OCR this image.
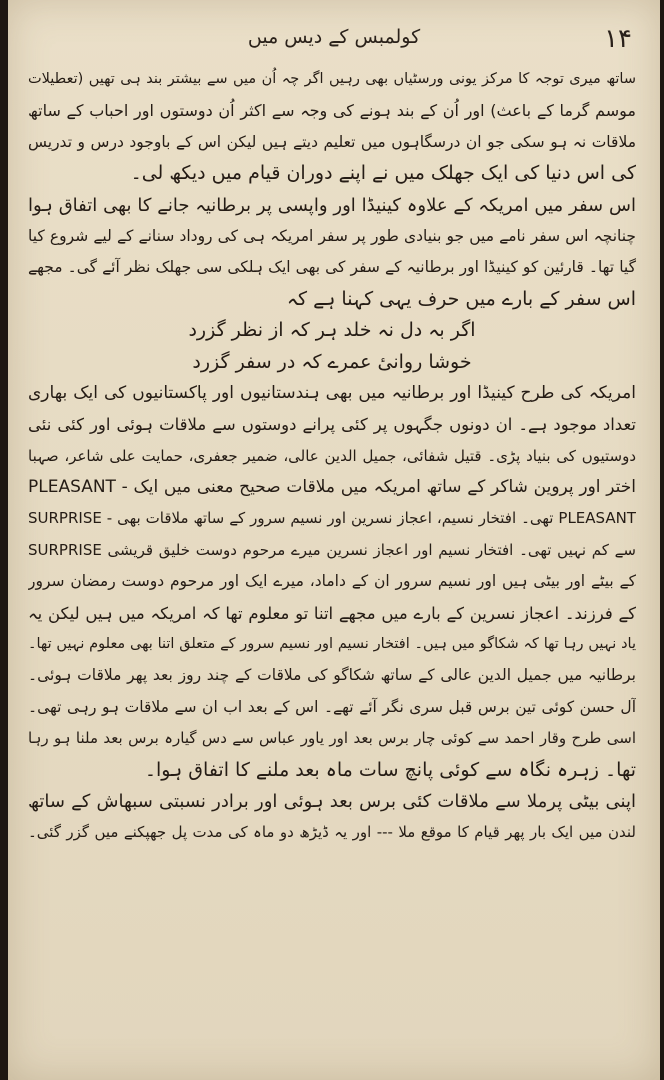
۱۴
کولمبس کے دیس میں
ساتھ میری توجہ کا مرکز یونی ورسٹیاں بھی رہیں اگر چہ اُن میں سے بیشتر بند ہی تھیں (تعطیلات
موسم گرما کے باعث) اور اُن کے بند ہونے کی وجہ سے اکثر اُن دوستوں اور احباب کے ساتھ
ملاقات نہ ہو سکی جو ان درسگاہوں میں تعلیم دیتے ہیں لیکن اس کے باوجود درس و تدریس
کی اس دنیا کی ایک جھلک میں نے اپنے دوران قیام میں دیکھ لی۔
اس سفر میں امریکہ کے علاوہ کینیڈا اور واپسی پر برطانیہ جانے کا بھی اتفاق ہوا
چنانچہ اس سفر نامے میں جو بنیادی طور پر سفر امریکہ ہی کی روداد سنانے کے لیے شروع کیا
گیا تھا۔ قارئین کو کینیڈا اور برطانیہ کے سفر کی بھی ایک ہلکی سی جھلک نظر آئے گی۔ مجھے
اس سفر کے بارے میں حرف یہی کہنا ہے کہ
اگر بہ دل نہ خلد ہر کہ از نظر گزرد
خوشا روانیٔ عمرے کہ در سفر گزرد
امریکہ کی طرح کینیڈا اور برطانیہ میں بھی ہندستانیوں اور پاکستانیوں کی ایک بھاری
تعداد موجود ہے۔ ان دونوں جگہوں پر کئی پرانے دوستوں سے ملاقات ہوئی اور کئی نئی
دوستیوں کی بنیاد پڑی۔ قتیل شفائی، جمیل الدین عالی، ضمیر جعفری، حمایت علی شاعر، صہبا
اختر اور پروین شاکر کے ساتھ امریکہ میں ملاقات صحیح معنی میں ایک - PLEASANT
SURPRISE - تھی۔ افتخار نسیم، اعجاز نسرین اور نسیم سرور کے ساتھ ملاقات بھی PLEASANT
SURPRISE سے کم نہیں تھی۔ افتخار نسیم اور اعجاز نسرین میرے مرحوم دوست خلیق قریشی
کے بیٹے اور بیٹی ہیں اور نسیم سرور ان کے داماد، میرے ایک اور مرحوم دوست رمضان سرور
کے فرزند۔ اعجاز نسرین کے بارے میں مجھے اتنا تو معلوم تھا کہ امریکہ میں ہیں لیکن یہ
یاد نہیں رہا تھا کہ شکاگو میں ہیں۔ افتخار نسیم اور نسیم سرور کے متعلق اتنا بھی معلوم نہیں تھا۔
برطانیہ میں جمیل الدین عالی کے ساتھ شکاگو کی ملاقات کے چند روز بعد پھر ملاقات ہوئی۔
آل حسن کوئی تین برس قبل سری نگر آئے تھے۔ اس کے بعد اب ان سے ملاقات ہو رہی تھی۔
اسی طرح وقار احمد سے کوئی چار برس بعد اور یاور عباس سے دس گیارہ برس بعد ملنا ہو رہا
تھا۔ زہرہ نگاہ سے کوئی پانچ سات ماہ بعد ملنے کا اتفاق ہوا۔
اپنی بیٹی پرملا سے ملاقات کئی برس بعد ہوئی اور برادر نسبتی سبھاش کے ساتھ
لندن میں ایک بار پھر قیام کا موقع ملا --- اور یہ ڈیڑھ دو ماہ کی مدت پل جھپکنے میں گزر گئی۔
